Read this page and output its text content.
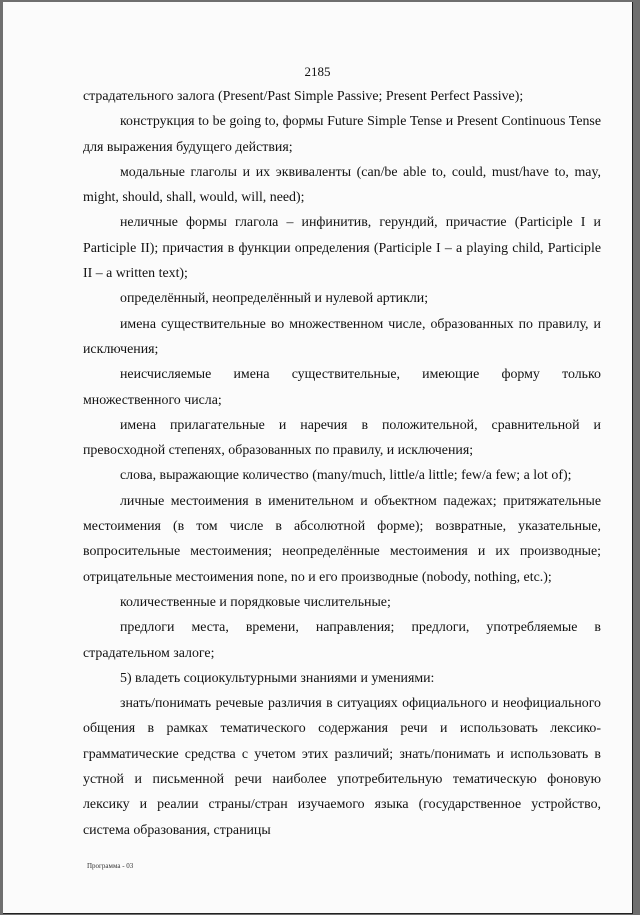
2185

страдательного залога (Present/Past Simple Passive; Present Perfect Passive);

конструкция to be going to, формы Future Simple Tense и Present Continuous Tense для выражения будущего действия;

модальные глаголы и их эквиваленты (can/be able to, could, must/have to, may, might, should, shall, would, will, need);

неличные формы глагола – инфинитив, герундий, причастие (Participle I и Participle II); причастия в функции определения (Participle I – a playing child, Participle II – a written text);

определённый, неопределённый и нулевой артикли;

имена существительные во множественном числе, образованных по правилу, и исключения;

неисчисляемые имена существительные, имеющие форму только множественного числа;

имена прилагательные и наречия в положительной, сравнительной и превосходной степенях, образованных по правилу, и исключения;

слова, выражающие количество (many/much, little/a little; few/a few; a lot of);

личные местоимения в именительном и объектном падежах; притяжательные местоимения (в том числе в абсолютной форме); возвратные, указательные, вопросительные местоимения; неопределённые местоимения и их производные; отрицательные местоимения none, no и его производные (nobody, nothing, etc.);

количественные и порядковые числительные;

предлоги места, времени, направления; предлоги, употребляемые в страдательном залоге;

5) владеть социокультурными знаниями и умениями:

знать/понимать речевые различия в ситуациях официального и неофициального общения в рамках тематического содержания речи и использовать лексико-грамматические средства с учетом этих различий; знать/понимать и использовать в устной и письменной речи наиболее употребительную тематическую фоновую лексику и реалии страны/стран изучаемого языка (государственное устройство, система образования, страницы

Программа - 03
